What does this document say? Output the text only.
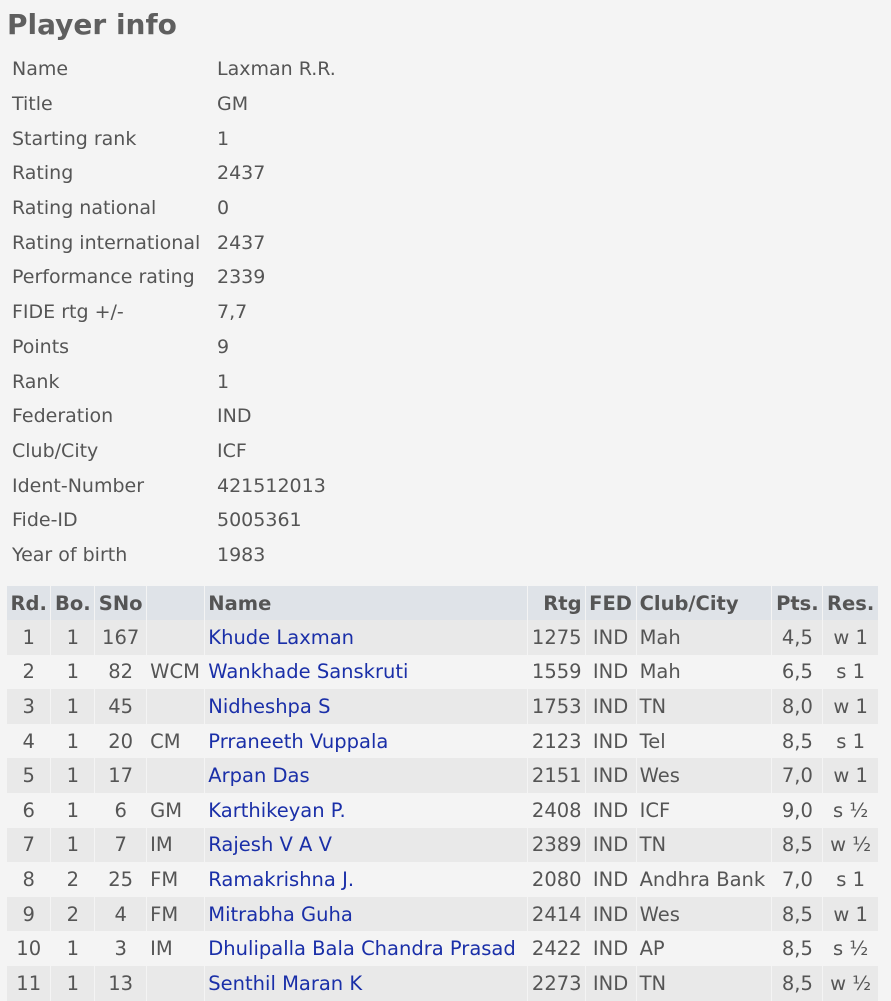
Player info
Name	Laxman R.R.
Title	GM
Starting rank	1
Rating	2437
Rating national	0
Rating international	2437
Performance rating	2339
FIDE rtg +/-	7,7
Points	9
Rank	1
Federation	IND
Club/City	ICF
Ident-Number	421512013
Fide-ID	5005361
Year of birth	1983
Rd.	Bo.	SNo		Name	Rtg	FED	Club/City	Pts.	Res.
1	1	167		Khude Laxman	1275	IND	Mah	4,5	w 1
2	1	82	WCM	Wankhade Sanskruti	1559	IND	Mah	6,5	s 1
3	1	45		Nidheshpa S	1753	IND	TN	8,0	w 1
4	1	20	CM	Prraneeth Vuppala	2123	IND	Tel	8,5	s 1
5	1	17		Arpan Das	2151	IND	Wes	7,0	w 1
6	1	6	GM	Karthikeyan P.	2408	IND	ICF	9,0	s ½
7	1	7	IM	Rajesh V A V	2389	IND	TN	8,5	w ½
8	2	25	FM	Ramakrishna J.	2080	IND	Andhra Bank	7,0	s 1
9	2	4	FM	Mitrabha Guha	2414	IND	Wes	8,5	w 1
10	1	3	IM	Dhulipalla Bala Chandra Prasad	2422	IND	AP	8,5	s ½
11	1	13		Senthil Maran K	2273	IND	TN	8,5	w ½
